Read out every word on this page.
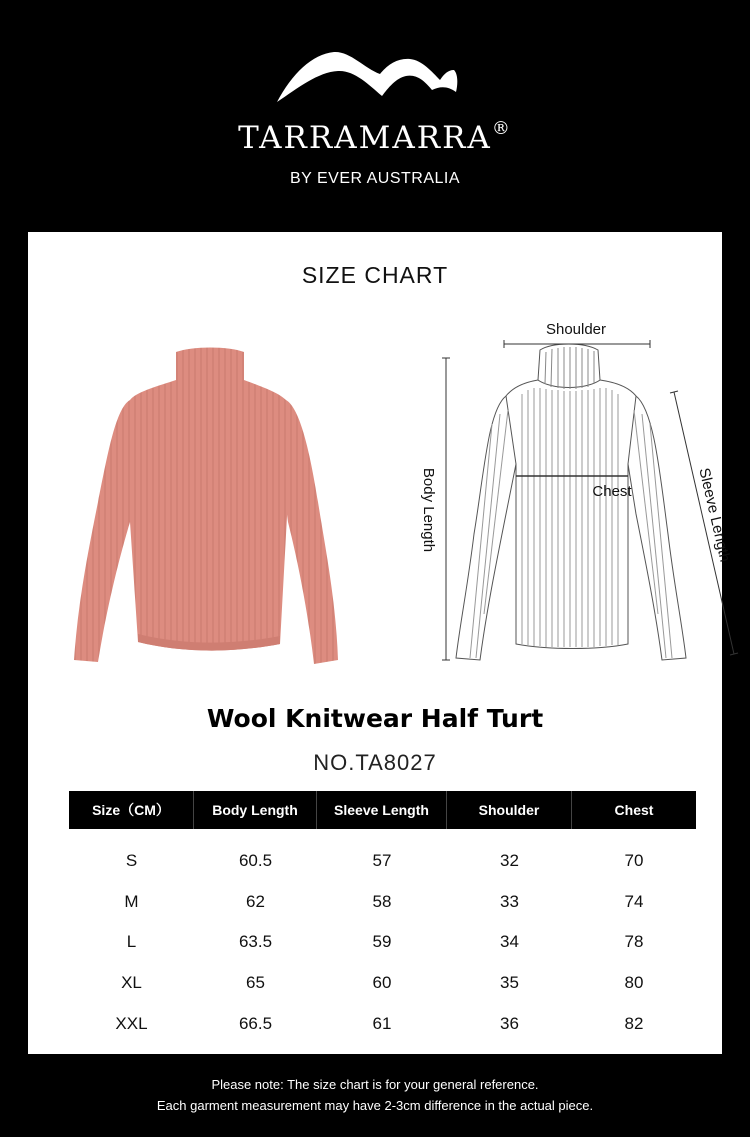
TARRAMARRA®
BY EVER AUSTRALIA
SIZE CHART
Shoulder
Chest
Body Length	Sleeve Length
Wool Knitwear Half Turt
NO.TA8027
Size（CM）	Body Length	Sleeve Length	Shoulder	Chest
S	60.5	57	32	70
M	62	58	33	74
L	63.5	59	34	78
XL	65	60	35	80
XXL	66.5	61	36	82
Please note: The size chart is for your general reference.
Each garment measurement may have 2-3cm difference in the actual piece.
